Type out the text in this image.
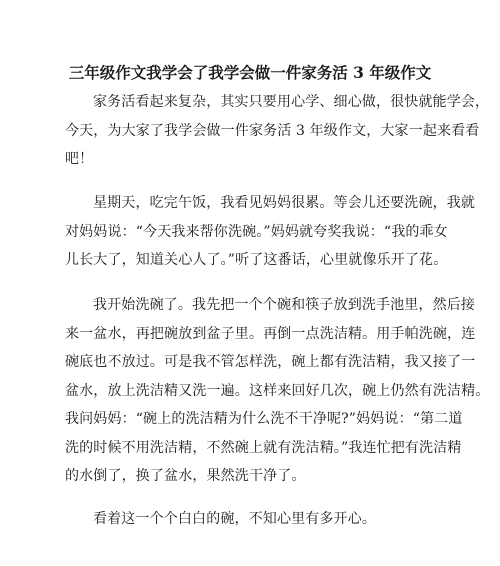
三年级作文我学会了我学会做一件家务活 3 年级作文
家务活看起来复杂，其实只要用心学、细心做，很快就能学会，
今天，为大家了我学会做一件家务活 3 年级作文，大家一起来看看
吧！
星期天，吃完午饭，我看见妈妈很累。等会儿还要洗碗，我就
对妈妈说：“今天我来帮你洗碗。”妈妈就夸奖我说：“我的乖女
儿长大了，知道关心人了。”听了这番话，心里就像乐开了花。
我开始洗碗了。我先把一个个碗和筷子放到洗手池里，然后接
来一盆水，再把碗放到盆子里。再倒一点洗洁精。用手帕洗碗，连
碗底也不放过。可是我不管怎样洗，碗上都有洗洁精，我又接了一
盆水，放上洗洁精又洗一遍。这样来回好几次，碗上仍然有洗洁精。
我问妈妈：“碗上的洗洁精为什么洗不干净呢?”妈妈说：“第二道
洗的时候不用洗洁精，不然碗上就有洗洁精。”我连忙把有洗洁精
的水倒了，换了盆水，果然洗干净了。
看着这一个个白白的碗，不知心里有多开心。
